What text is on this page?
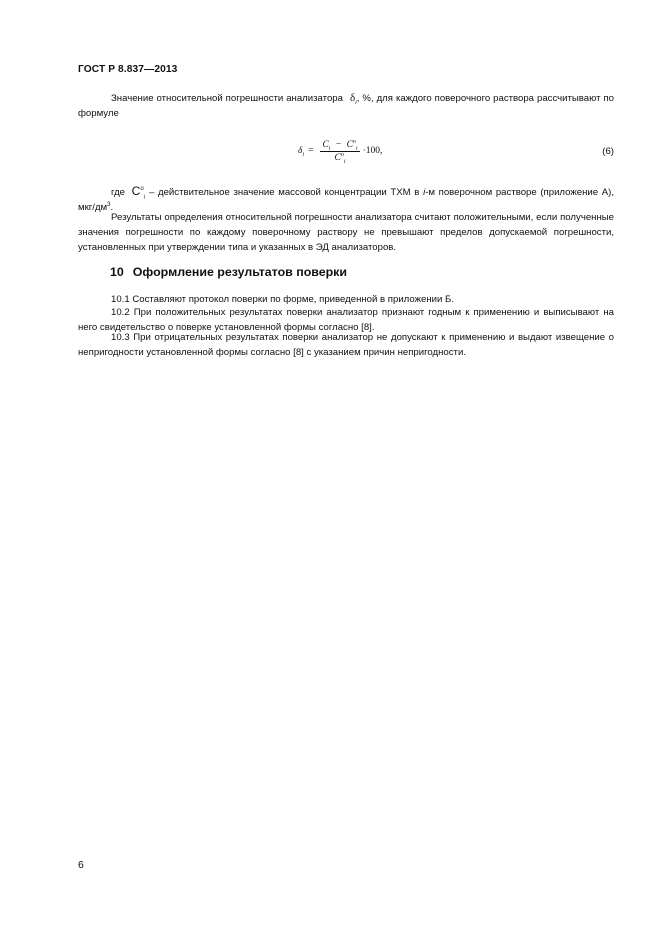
ГОСТ Р 8.837—2013
Значение относительной погрешности анализатора $\delta_i$, %, для каждого поверочного раствора рассчитывают по формуле
$\delta_i = \frac{C_i - C^о_i}{C^о_i} \cdot 100$,	(6)
где $С^о_i$ – действительное значение массовой концентрации ТХМ в i-м поверочном растворе (приложение А), мкг/$дм^3$.
Результаты определения относительной погрешности анализатора считают положительными, если полученные значения погрешности по каждому поверочному раствору не превышают пределов допускаемой погрешности, установленных при утверждении типа и указанных в ЭД анализаторов.
10 Оформление результатов поверки
10.1 Составляют протокол поверки по форме, приведенной в приложении Б.
10.2 При положительных результатах поверки анализатор признают годным к применению и выписывают на него свидетельство о поверке установленной формы согласно [8].
10.3 При отрицательных результатах поверки анализатор не допускают к применению и выдают извещение о непригодности установленной формы согласно [8] с указанием причин непригодности.
6
